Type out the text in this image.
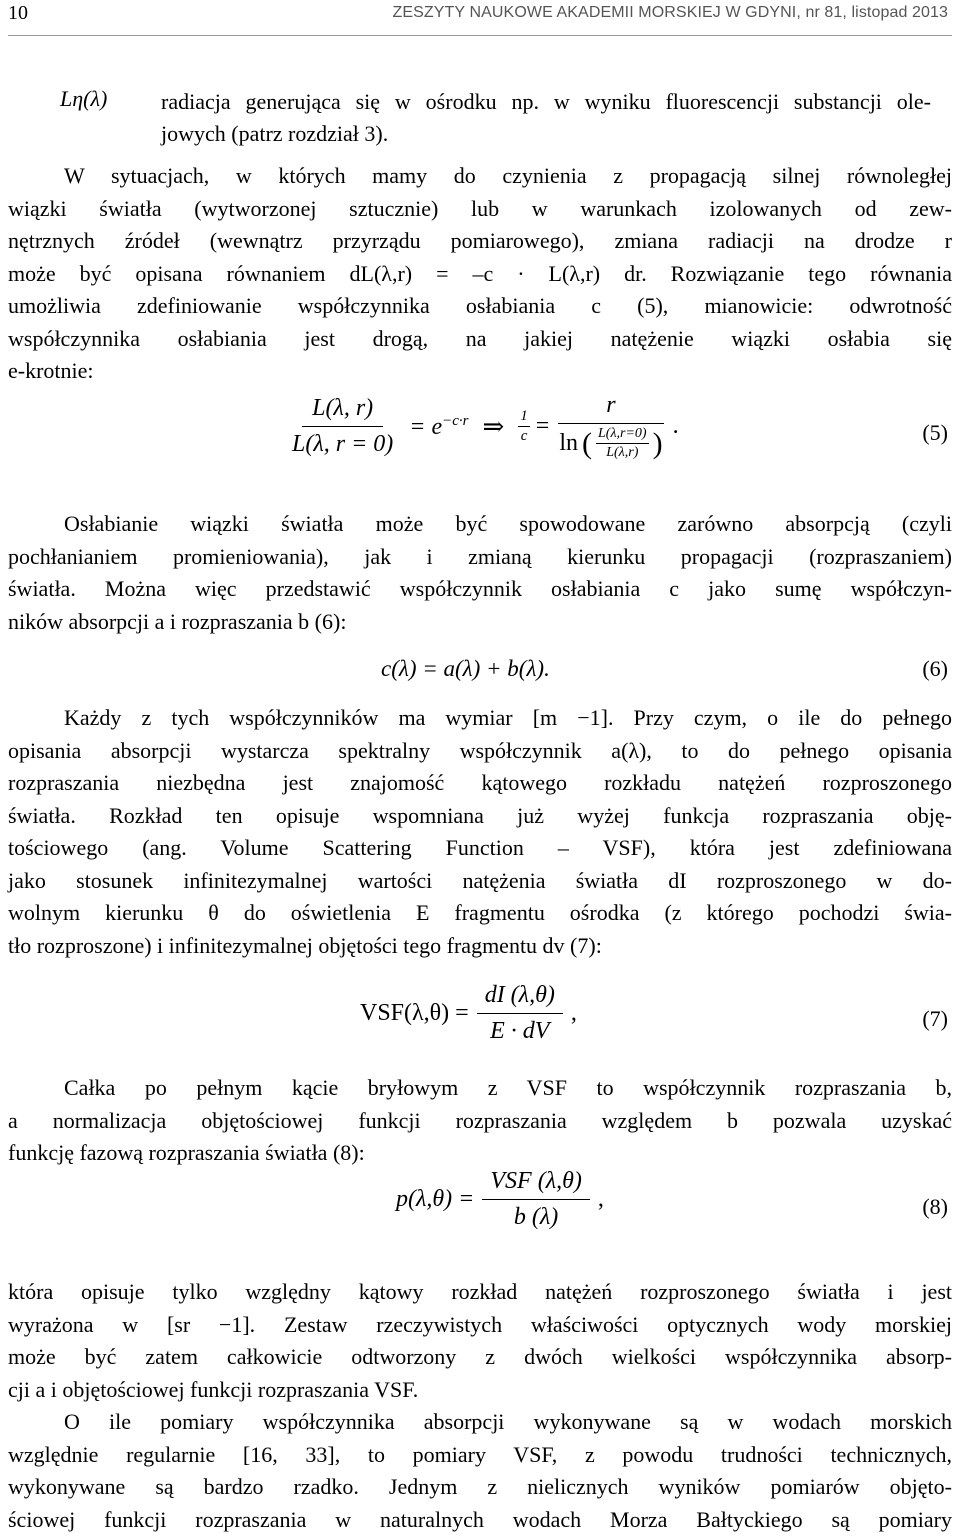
10	ZESZYTY NAUKOWE AKADEMII MORSKIEJ W GDYNI, nr 81, listopad 2013
Lη(λ) radiacja generująca się w ośrodku np. w wyniku fluorescencji substancji ole-
jowych (patrz rozdział 3).
W sytuacjach, w których mamy do czynienia z propagacją silnej równoległej
wiązki światła (wytworzonej sztucznie) lub w warunkach izolowanych od zew-
nętrznych źródeł (wewnątrz przyrządu pomiarowego), zmiana radiacji na drodze r
może być opisana równaniem dL(λ,r) = –c · L(λ,r) dr. Rozwiązanie tego równania
umożliwia zdefiniowanie współczynnika osłabiania c (5), mianowicie: odwrotność
współczynnika osłabiania jest drogą, na jakiej natężenie wiązki osłabia się
e-krotnie:
$\frac{L(\lambda, r)}{L(\lambda, r = 0)} = e^{-c\cdot r}$ ⇒ $\frac{1}{c}$ =
r
ln ( $\frac{L(\lambda,r=0)}{L(\lambda,r)}$ )
.	(5)
Osłabianie wiązki światła może być spowodowane zarówno absorpcją (czyli
pochłanianiem promieniowania), jak i zmianą kierunku propagacji (rozpraszaniem)
światła. Można więc przedstawić współczynnik osłabiania c jako sumę współczyn-
ników absorpcji a i rozpraszania b (6):
c(λ) = a(λ) + b(λ).	(6)
Każdy z tych współczynników ma wymiar [m −1]. Przy czym, o ile do pełnego
opisania absorpcji wystarcza spektralny współczynnik a(λ), to do pełnego opisania
rozpraszania niezbędna jest znajomość kątowego rozkładu natężeń rozproszonego
światła. Rozkład ten opisuje wspomniana już wyżej funkcja rozpraszania obję-
tościowego (ang. Volume Scattering Function – VSF), która jest zdefiniowana
jako stosunek infinitezymalnej wartości natężenia światła dI rozproszonego w do-
wolnym kierunku θ do oświetlenia E fragmentu ośrodka (z którego pochodzi świa-
tło rozproszone) i infinitezymalnej objętości tego fragmentu dv (7):
$VSF(\lambda,\theta) = \frac{dI (\lambda,\theta)}{E \cdot dV}$ ,	(7)
Całka po pełnym kącie bryłowym z VSF to współczynnik rozpraszania b,
a normalizacja objętościowej funkcji rozpraszania względem b pozwala uzyskać
funkcję fazową rozpraszania światła (8):
$p(\lambda,\theta) = \frac{\text{VSF (λ,θ)}}{b (\lambda)}$ ,	(8)
która opisuje tylko względny kątowy rozkład natężeń rozproszonego światła i jest
wyrażona w [sr −1]. Zestaw rzeczywistych właściwości optycznych wody morskiej
może być zatem całkowicie odtworzony z dwóch wielkości współczynnika absorp-
cji a i objętościowej funkcji rozpraszania VSF.
O ile pomiary współczynnika absorpcji wykonywane są w wodach morskich
względnie regularnie [16, 33], to pomiary VSF, z powodu trudności technicznych,
wykonywane są bardzo rzadko. Jednym z nielicznych wyników pomiarów objęto-
ściowej funkcji rozpraszania w naturalnych wodach Morza Bałtyckiego są pomiary
